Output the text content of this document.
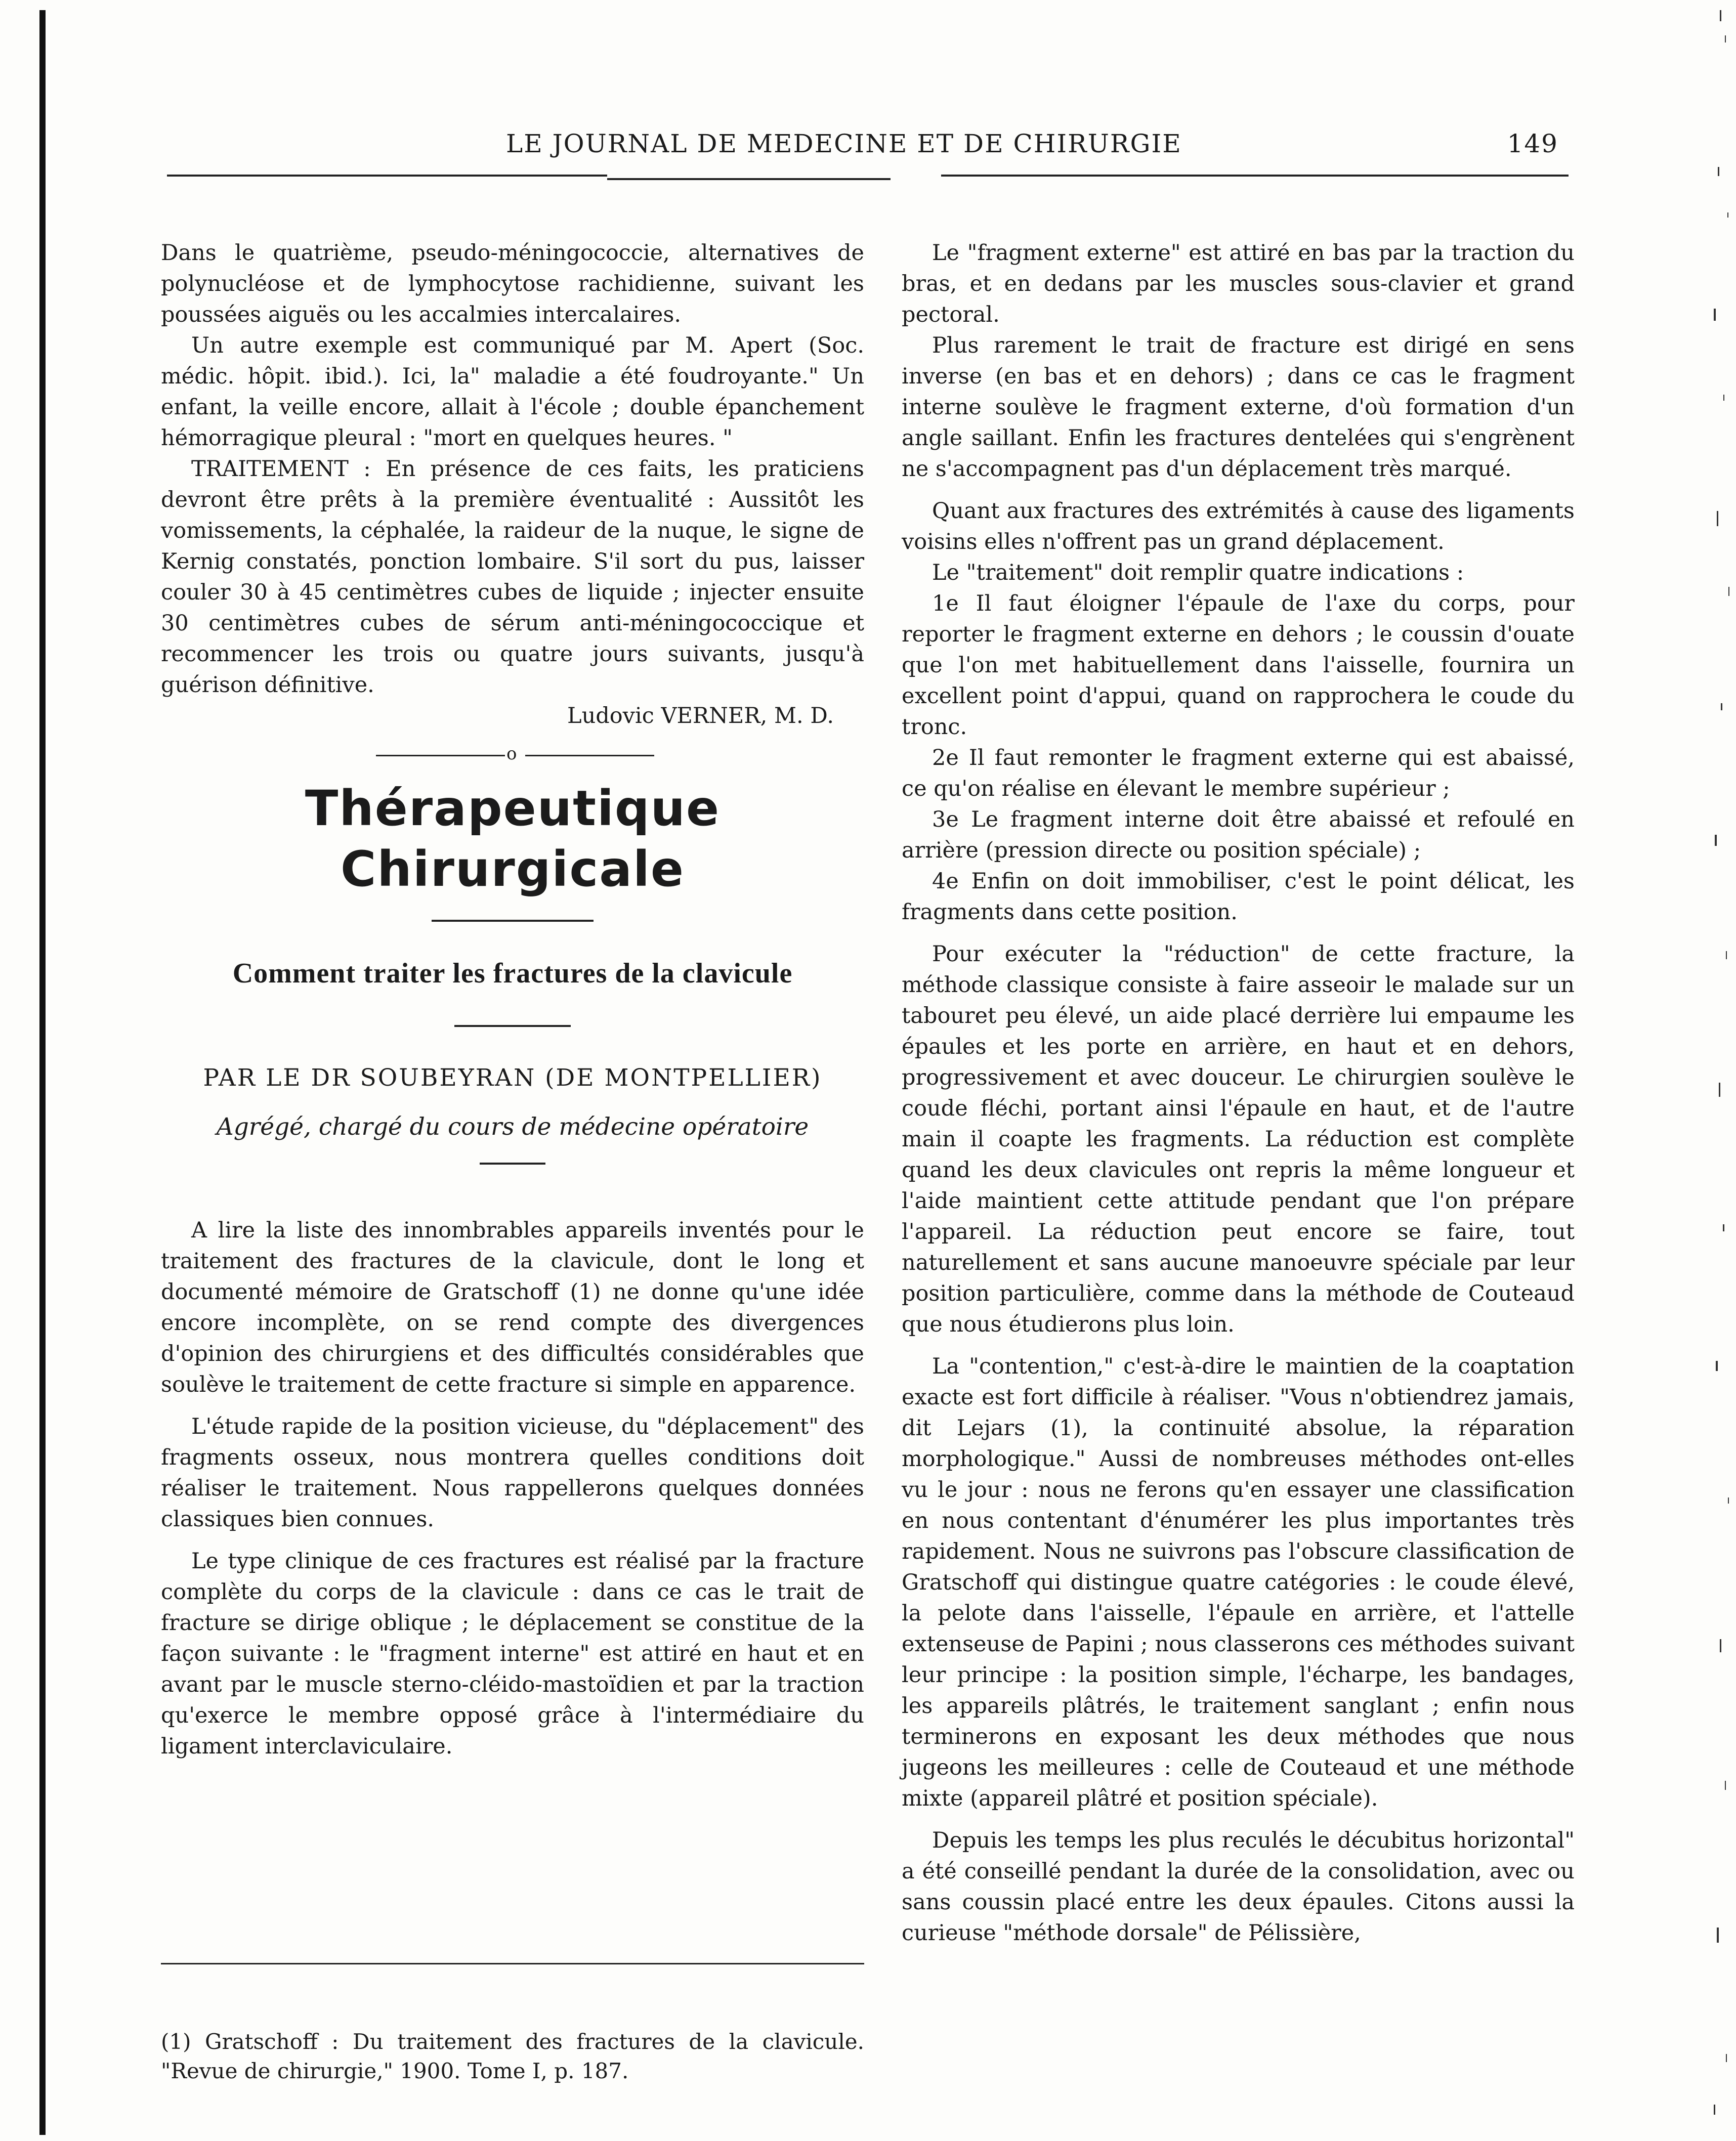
LE JOURNAL DE MEDECINE ET DE CHIRURGIE	149

Dans le quatrième, pseudo-méningococcie, alternatives de polynucléose et de lymphocytose rachidienne, suivant les poussées aiguës ou les accalmies intercalaires.

Un autre exemple est communiqué par M. Apert (Soc. médic. hôpit. ibid.). Ici, la" maladie a été foudroyante." Un enfant, la veille encore, allait à l'école ; double épanchement hémorragique pleural : "mort en quelques heures. "

TRAITEMENT : En présence de ces faits, les praticiens devront être prêts à la première éventualité : Aussitôt les vomissements, la céphalée, la raideur de la nuque, le signe de Kernig constatés, ponction lombaire. S'il sort du pus, laisser couler 30 à 45 centimètres cubes de liquide ; injecter ensuite 30 centimètres cubes de sérum anti-méningococcique et recommencer les trois ou quatre jours suivants, jusqu'à guérison définitive.

Ludovic VERNER, M. D.

o
Thérapeutique Chirurgicale
Comment traiter les fractures de la clavicule

PAR LE DR SOUBEYRAN (DE MONTPELLIER)

Agrégé, chargé du cours de médecine opératoire

A lire la liste des innombrables appareils inventés pour le traitement des fractures de la clavicule, dont le long et documenté mémoire de Gratschoff (1) ne donne qu'une idée encore incomplète, on se rend compte des divergences d'opinion des chirurgiens et des difficultés considérables que soulève le traitement de cette fracture si simple en apparence.

L'étude rapide de la position vicieuse, du "déplacement" des fragments osseux, nous montrera quelles conditions doit réaliser le traitement. Nous rappellerons quelques données classiques bien connues.

Le type clinique de ces fractures est réalisé par la fracture complète du corps de la clavicule : dans ce cas le trait de fracture se dirige oblique ; le déplacement se constitue de la façon suivante : le "fragment interne" est attiré en haut et en avant par le muscle sterno-cléido-mastoïdien et par la traction qu'exerce le membre opposé grâce à l'intermédiaire du ligament interclaviculaire.

(1) Gratschoff : Du traitement des fractures de la clavicule. "Revue de chirurgie," 1900. Tome I, p. 187.

Le "fragment externe" est attiré en bas par la traction du bras, et en dedans par les muscles sous-clavier et grand pectoral.

Plus rarement le trait de fracture est dirigé en sens inverse (en bas et en dehors) ; dans ce cas le fragment interne soulève le fragment externe, d'où formation d'un angle saillant. Enfin les fractures dentelées qui s'engrènent ne s'accompagnent pas d'un déplacement très marqué.

Quant aux fractures des extrémités à cause des ligaments voisins elles n'offrent pas un grand déplacement.

Le "traitement" doit remplir quatre indications :

1e Il faut éloigner l'épaule de l'axe du corps, pour reporter le fragment externe en dehors ; le coussin d'ouate que l'on met habituellement dans l'aisselle, fournira un excellent point d'appui, quand on rapprochera le coude du tronc.

2e Il faut remonter le fragment externe qui est abaissé, ce qu'on réalise en élevant le membre supérieur ;

3e Le fragment interne doit être abaissé et refoulé en arrière (pression directe ou position spéciale) ;

4e Enfin on doit immobiliser, c'est le point délicat, les fragments dans cette position.

Pour exécuter la "réduction" de cette fracture, la méthode classique consiste à faire asseoir le malade sur un tabouret peu élevé, un aide placé derrière lui empaume les épaules et les porte en arrière, en haut et en dehors, progressivement et avec douceur. Le chirurgien soulève le coude fléchi, portant ainsi l'épaule en haut, et de l'autre main il coapte les fragments. La réduction est complète quand les deux clavicules ont repris la même longueur et l'aide maintient cette attitude pendant que l'on prépare l'appareil. La réduction peut encore se faire, tout naturellement et sans aucune manoeuvre spéciale par leur position particulière, comme dans la méthode de Couteaud que nous étudierons plus loin.

La "contention," c'est-à-dire le maintien de la coaptation exacte est fort difficile à réaliser. "Vous n'obtiendrez jamais, dit Lejars (1), la continuité absolue, la réparation morphologique." Aussi de nombreuses méthodes ont-elles vu le jour : nous ne ferons qu'en essayer une classification en nous contentant d'énumérer les plus importantes très rapidement. Nous ne suivrons pas l'obscure classification de Gratschoff qui distingue quatre catégories : le coude élevé, la pelote dans l'aisselle, l'épaule en arrière, et l'attelle extenseuse de Papini ; nous classerons ces méthodes suivant leur principe : la position simple, l'écharpe, les bandages, les appareils plâtrés, le traitement sanglant ; enfin nous terminerons en exposant les deux méthodes que nous jugeons les meilleures : celle de Couteaud et une méthode mixte (appareil plâtré et position spéciale).

Depuis les temps les plus reculés le décubitus horizontal" a été conseillé pendant la durée de la consolidation, avec ou sans coussin placé entre les deux épaules. Citons aussi la curieuse "méthode dorsale" de Pélissière,
